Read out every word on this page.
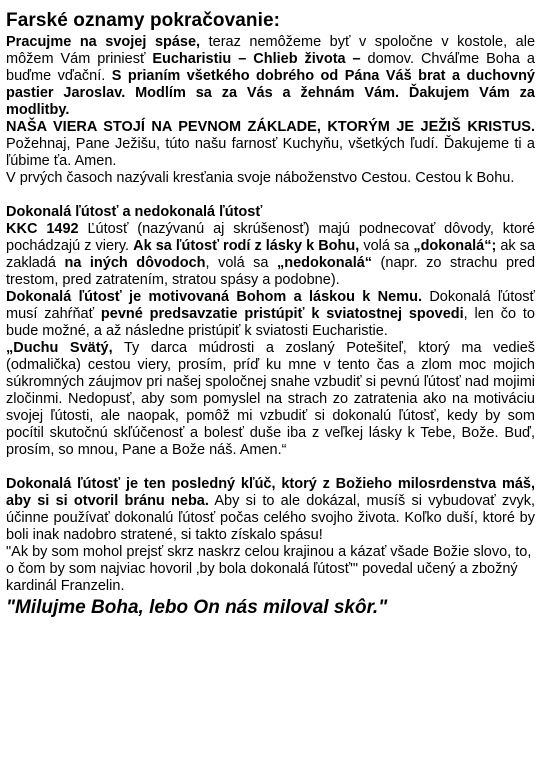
Farské oznamy pokračovanie:

Pracujme na svojej spáse, teraz nemôžeme byť v spoločne v kostole, ale môžem Vám priniesť Eucharistiu – Chlieb života – domov. Chváľme Boha a buďme vďační. S prianím všetkého dobrého od Pána Váš brat a duchovný pastier Jaroslav. Modlím sa za Vás a žehnám Vám. Ďakujem Vám za modlitby.

NAŠA VIERA STOJÍ NA PEVNOM ZÁKLADE, KTORÝM JE JEŽIŠ KRISTUS. Požehnaj, Pane Ježišu, túto našu farnosť Kuchyňu, všetkých ľudí. Ďakujeme ti a ľúbime ťa. Amen.

V prvých časoch nazývali kresťania svoje náboženstvo Cestou. Cestou k Bohu.

Dokonalá ľútosť a nedokonalá ľútosť

KKC 1492 Ľútosť (nazývanú aj skrúšenosť) majú podnecovať dôvody, ktoré pochádzajú z viery. Ak sa ľútosť rodí z lásky k Bohu, volá sa „dokonalá“; ak sa zakladá na iných dôvodoch, volá sa „nedokonalá“ (napr. zo strachu pred trestom, pred zatratením, stratou spásy a podobne).

Dokonalá ľútosť je motivovaná Bohom a láskou k Nemu. Dokonalá ľútosť musí zahŕňať pevné predsavzatie pristúpiť k sviatostnej spovedi, len čo to bude možné, a až následne pristúpiť k sviatosti Eucharistie.

„Duchu Svätý, Ty darca múdrosti a zoslaný Potešiteľ, ktorý ma vedieš (odmalička) cestou viery, prosím, príď ku mne v tento čas a zlom moc mojich súkromných záujmov pri našej spoločnej snahe vzbudiť si pevnú ľútosť nad mojimi zločinmi. Nedopusť, aby som pomyslel na strach zo zatratenia ako na motiváciu svojej ľútosti, ale naopak, pomôž mi vzbudiť si dokonalú ľútosť, kedy by som pocítil skutočnú skľúčenosť a bolesť duše iba z veľkej lásky k Tebe, Bože. Buď, prosím, so mnou, Pane a Bože náš. Amen.“

Dokonalá ľútosť je ten posledný kľúč, ktorý z Božieho milosrdenstva máš, aby si si otvoril bránu neba. Aby si to ale dokázal, musíš si vybudovať zvyk, účinne používať dokonalú ľútosť počas celého svojho života. Koľko duší, ktoré by boli inak nadobro stratené, si takto získalo spásu!

"Ak by som mohol prejsť skrz naskrz celou krajinou a kázať všade Božie slovo, to, o čom by som najviac hovoril ‚by bola dokonalá ľútosť'" povedal učený a zbožný kardinál Franzelin.

"Milujme Boha, lebo On nás miloval skôr."
